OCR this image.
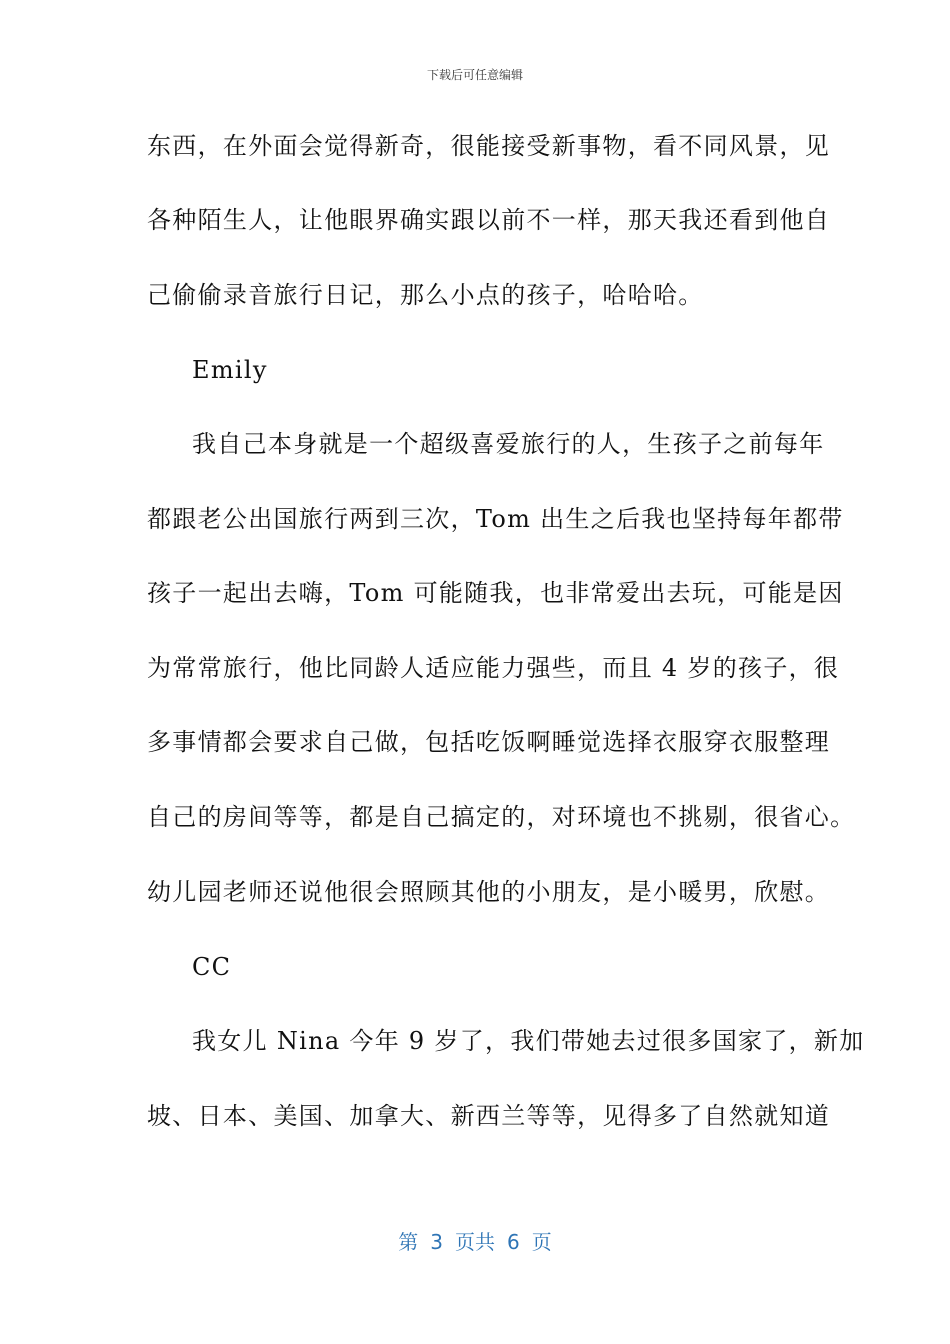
下载后可任意编辑
东西，在外面会觉得新奇，很能接受新事物，看不同风景，见
各种陌生人，让他眼界确实跟以前不一样，那天我还看到他自
己偷偷录音旅行日记，那么小点的孩子，哈哈哈。
Emily
我自己本身就是一个超级喜爱旅行的人，生孩子之前每年
都跟老公出国旅行两到三次，Tom 出生之后我也坚持每年都带
孩子一起出去嗨，Tom 可能随我，也非常爱出去玩，可能是因
为常常旅行，他比同龄人适应能力强些，而且 4 岁的孩子，很
多事情都会要求自己做，包括吃饭啊睡觉选择衣服穿衣服整理
自己的房间等等，都是自己搞定的，对环境也不挑剔，很省心。
幼儿园老师还说他很会照顾其他的小朋友，是小暖男，欣慰。
CC
我女儿 Nina 今年 9 岁了，我们带她去过很多国家了，新加
坡、日本、美国、加拿大、新西兰等等，见得多了自然就知道
第 3 页共 6 页
